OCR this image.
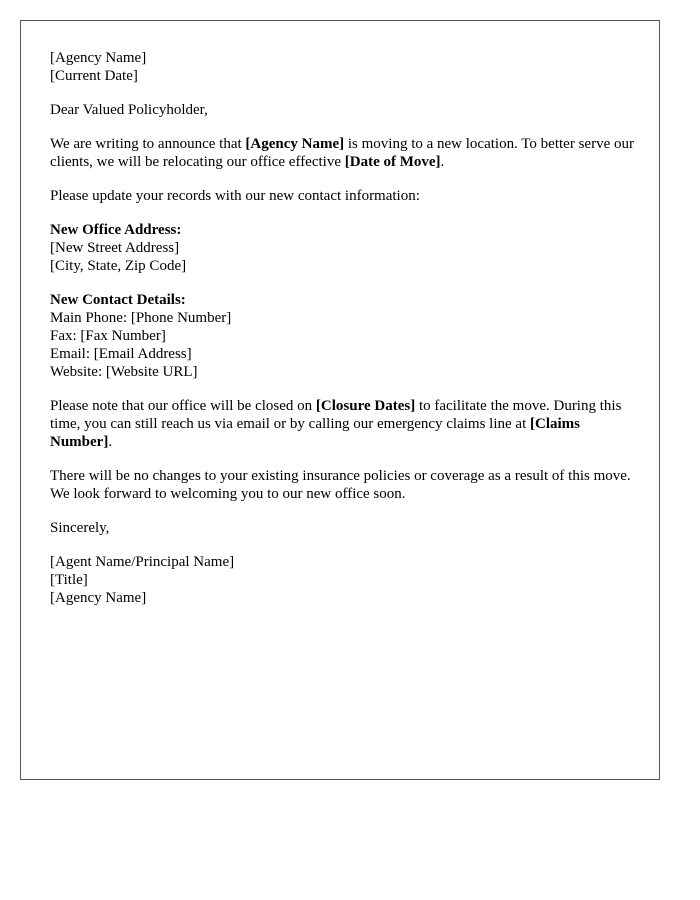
[Agency Name]
[Current Date]

Dear Valued Policyholder,

We are writing to announce that [Agency Name] is moving to a new location. To better serve our clients, we will be relocating our office effective [Date of Move].

Please update your records with our new contact information:

New Office Address:
[New Street Address]
[City, State, Zip Code]
New Contact Details:
Main Phone: [Phone Number]
Fax: [Fax Number]
Email: [Email Address]
Website: [Website URL]

Please note that our office will be closed on [Closure Dates] to facilitate the move. During this time, you can still reach us via email or by calling our emergency claims line at [Claims Number].

There will be no changes to your existing insurance policies or coverage as a result of this move. We look forward to welcoming you to our new office soon.

Sincerely,

[Agent Name/Principal Name]
[Title]
[Agency Name]
